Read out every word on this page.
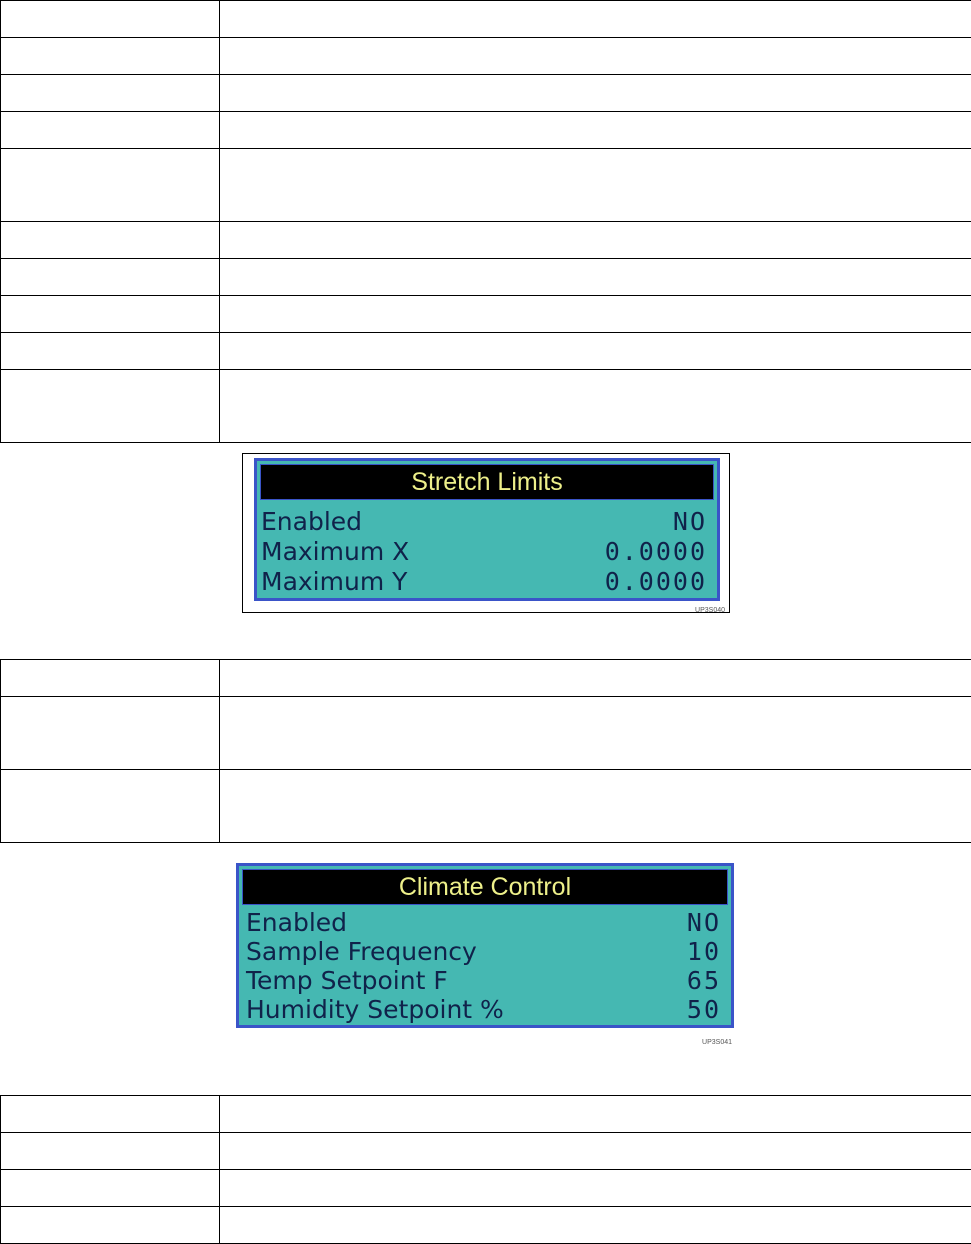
Stretch Limits
Enabled	NO
Maximum X	0.0000
Maximum Y	0.0000
UP3S040

Climate Control
Enabled	NO
Sample Frequency	10
Temp Setpoint F	65
Humidity Setpoint %	50
UP3S041
